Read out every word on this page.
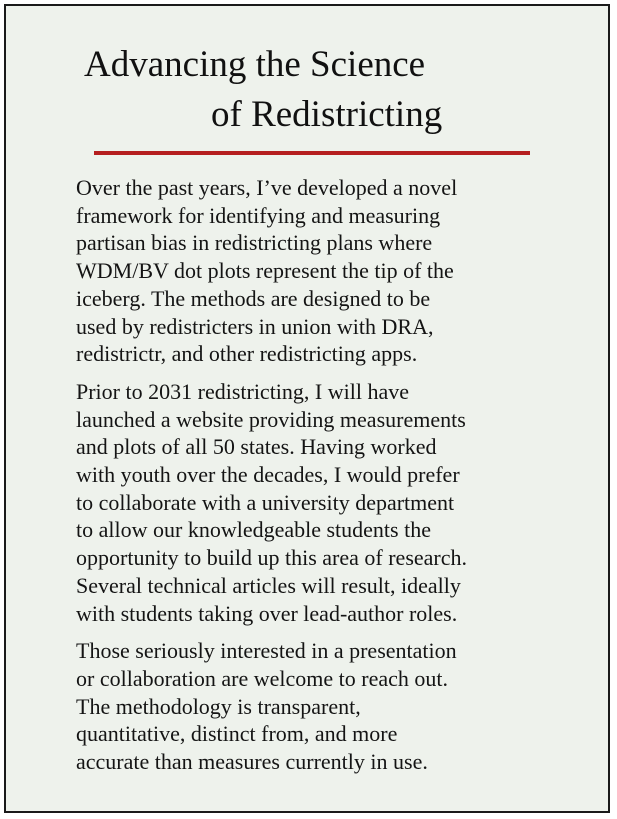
Advancing the Science
of Redistricting

Over the past years, I’ve developed a novel
framework for identifying and measuring
partisan bias in redistricting plans where
WDM/BV dot plots represent the tip of the
iceberg. The methods are designed to be
used by redistricters in union with DRA,
redistrictr, and other redistricting apps.

Prior to 2031 redistricting, I will have
launched a website providing measurements
and plots of all 50 states. Having worked
with youth over the decades, I would prefer
to collaborate with a university department
to allow our knowledgeable students the
opportunity to build up this area of research.
Several technical articles will result, ideally
with students taking over lead-author roles.

Those seriously interested in a presentation
or collaboration are welcome to reach out.
The methodology is transparent,
quantitative, distinct from, and more
accurate than measures currently in use.
